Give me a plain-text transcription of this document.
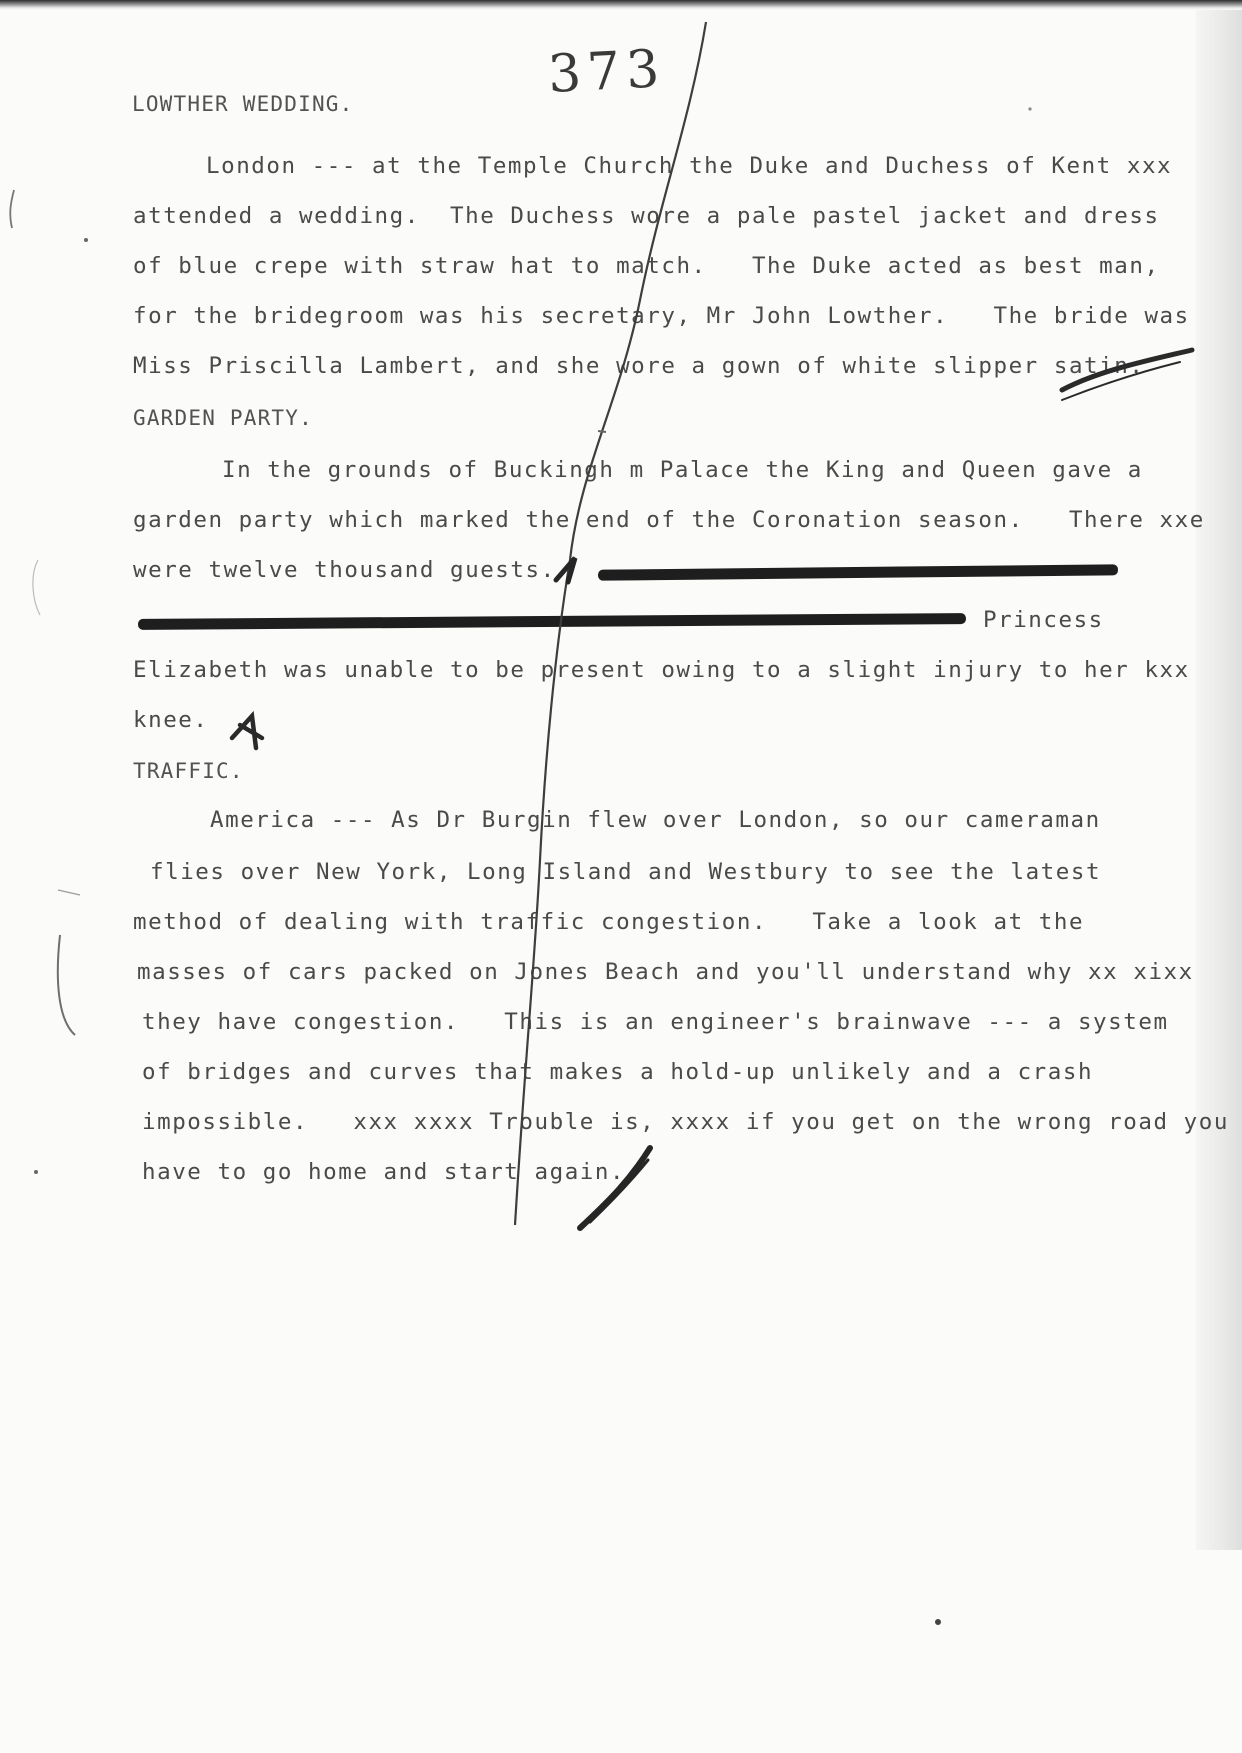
373

LOWTHER WEDDING.

London --- at the Temple Church the Duke and Duchess of Kent xxx

attended a wedding.  The Duchess wore a pale pastel jacket and dress

of blue crepe with straw hat to match.   The Duke acted as best man,

for the bridegroom was his secretary, Mr John Lowther.   The bride was

Miss Priscilla Lambert, and she wore a gown of white slipper satin.

GARDEN PARTY.

In the grounds of Buckingh m Palace the King and Queen gave a

garden party which marked the end of the Coronation season.   There xxe

were twelve thousand guests.

Princess

Elizabeth was unable to be present owing to a slight injury to her kxx

knee.

TRAFFIC.

America --- As Dr Burgin flew over London, so our cameraman

flies over New York, Long Island and Westbury to see the latest

method of dealing with traffic congestion.   Take a look at the

masses of cars packed on Jones Beach and you'll understand why xx xixx

they have congestion.   This is an engineer's brainwave --- a system

of bridges and curves that makes a hold-up unlikely and a crash

impossible.   xxx xxxx Trouble is, xxxx if you get on the wrong road you

have to go home and start again.
